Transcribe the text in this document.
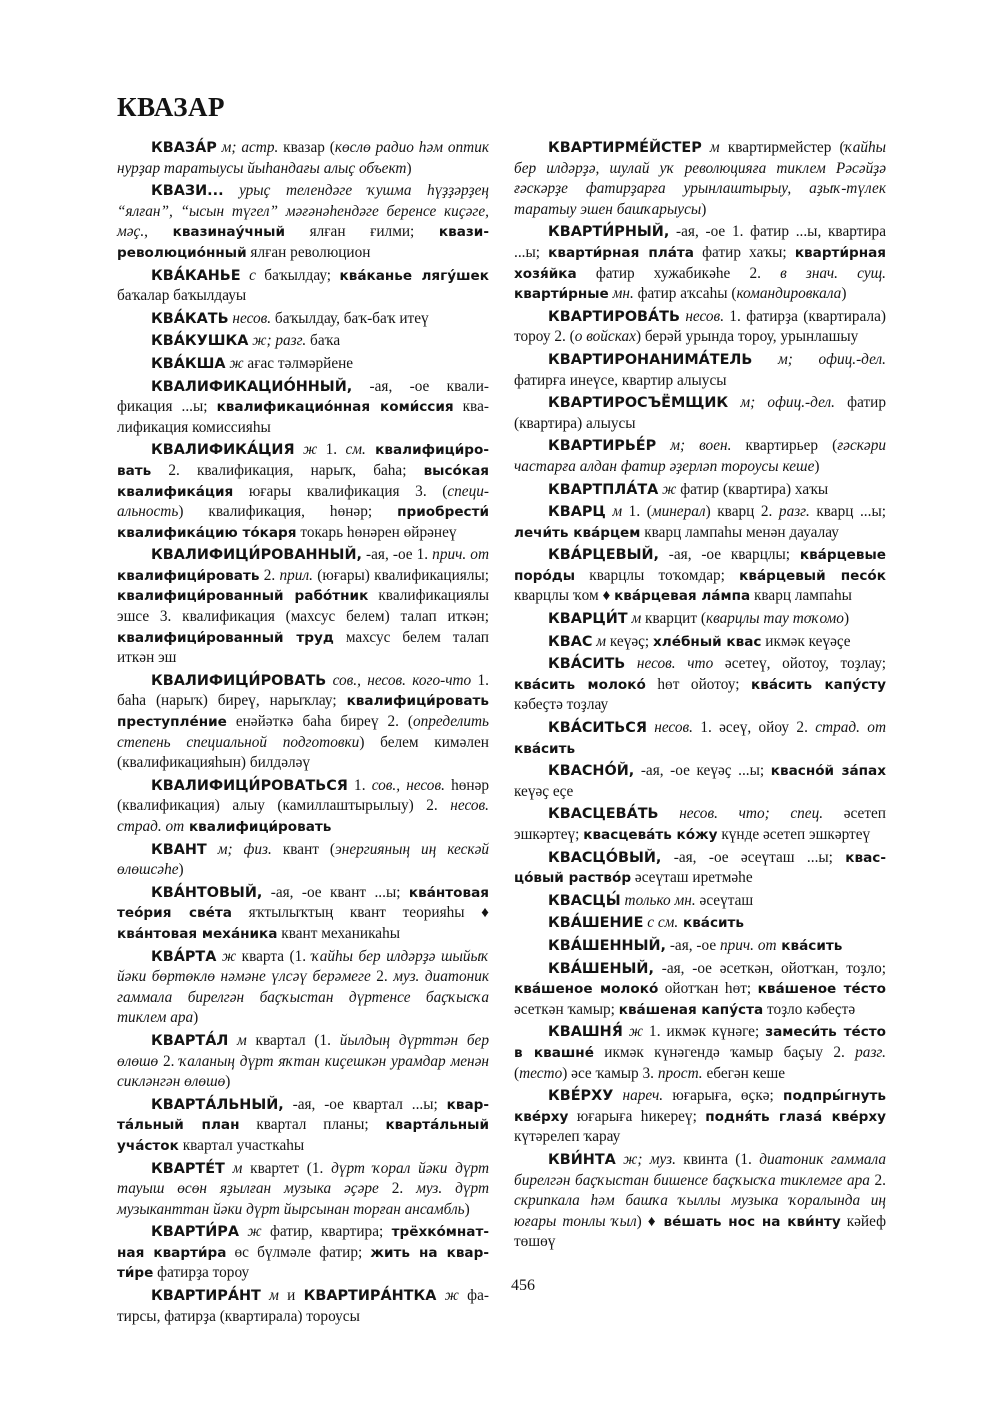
КВАЗАР

КВАЗА́Р м; астр. квазар (көслө радио һәм оптик нурҙар таратыусы йыһандағы алыҫ объект)

КВАЗИ... урыҫ телендәге ҡушма һүҙҙәрҙең “ялған”, “ысын түгел” мәғәнәһендәге беренсе киҫәге, мәҫ., квазинау́чный ялған ғилми; квазиреволюцио́нный ялған революцион

КВА́КАНЬЕ с баҡылдау; ква́канье лягу́шек баҡалар баҡылдауы

КВА́КАТЬ несов. баҡылдау, баҡ-баҡ итеү

КВА́КУШКА ж; разг. баҡа

КВА́КША ж ағас тәлмәрйене

КВАЛИФИКАЦИО́ННЫЙ, -ая, -ое квалификация ...ы; квалификацио́нная коми́ссия квалификация комиссияһы

КВАЛИФИКА́ЦИЯ ж 1. см. квалифици́ровать 2. квалификация, нарыҡ, баһа; высо́кая квалифика́ция юғары квалификация 3. (специальность) квалификация, һөнәр; приобрести́ квалифика́цию то́каря токарь һөнәрен өйрәнеү

КВАЛИФИЦИ́РОВАННЫЙ, -ая, -ое 1. прич. от квалифици́ровать 2. прил. (юғары) квалификациялы; квалифици́рованный рабо́тник квалификациялы эшсе 3. квалификация (махсус белем) талап иткән; квалифици́рованный труд махсус белем талап иткән эш

КВАЛИФИЦИ́РОВАТЬ сов., несов. кого-что 1. баһа (нарыҡ) биреү, нарыҡлау; квалифици́ровать преступле́ние енәйәткә баһа биреү 2. (определить степень специальной подготовки) белем кимәлен (квалификацияһын) билдәләү

КВАЛИФИЦИ́РОВАТЬСЯ 1. сов., несов. һөнәр (квалификация) алыу (камиллаштырылыу) 2. несов. страд. от квалифици́ровать

КВАНТ м; физ. квант (энергияның иң кескәй өлөшсәһе)

КВА́НТОВЫЙ, -ая, -ое квант ...ы; ква́нтовая тео́рия све́та яҡтылыҡтың квант теорияһы ♦ ква́нтовая меха́ника квант механикаһы

КВА́РТА ж кварта (1. ҡайһы бер илдәрҙә шыйыҡ йәки бөртөклө нәмәне үлсәү берәмеге 2. муз. диатоник гаммала бирелгән баҫҡыстан дүртенсе баҫҡысҡа тиклем ара)

КВАРТА́Л м квартал (1. йылдың дүрттән бер өлөшө 2. ҡаланың дүрт яҡтан киҫешкән урамдар менән сикләнгән өлөшө)

КВАРТА́ЛЬНЫЙ, -ая, -ое квартал ...ы; кварта́льный план квартал планы; кварта́льный уча́сток квартал участкаһы

КВАРТЕ́Т м квартет (1. дүрт ҡорал йәки дүрт тауыш өсөн яҙылған музыка әҫәре 2. муз. дүрт музыканттан йәки дүрт йырсынан торған ансамбль)

КВАРТИ́РА ж фатир, квартира; трёхко́мнатная кварти́ра өс бүлмәле фатир; жить на кварти́ре фатирҙа тороу

КВАРТИРА́НТ м и КВАРТИРА́НТКА ж фатирсы, фатирҙа (квартирала) тороусы

КВАРТИРМЕ́ЙСТЕР м квартирмейстер (ҡайһы бер илдәрҙә, шулай уҡ революцияға тиклем Рәсәйҙә ғәскәрҙе фатирҙарға урынлаштырыу, аҙыҡ-түлек таратыу эшен башҡарыусы)

КВАРТИ́РНЫЙ, -ая, -ое 1. фатир ...ы, квартира ...ы; кварти́рная пла́та фатир хаҡы; кварти́рная хозя́йка фатир хужабикәһе 2. в знач. сущ. кварти́рные мн. фатир аҡсаһы (командировкала)

КВАРТИРОВА́ТЬ несов. 1. фатирҙа (квартирала) тороу 2. (о войсках) берәй урында тороу, урынлашыу

КВАРТИРОНАНИМА́ТЕЛЬ м; офиц.-дел. фатирға инеүсе, квартир алыусы

КВАРТИРОСЪЁМЩИК м; офиц.-дел. фатир (квартира) алыусы

КВАРТИРЬЕ́Р м; воен. квартирьер (ғәскәри частарға алдан фатир әҙерләп тороусы кеше)

КВАРТПЛА́ТА ж фатир (квартира) хаҡы

КВАРЦ м 1. (минерал) кварц 2. разг. кварц ...ы; лечи́ть ква́рцем кварц лампаһы менән дауалау

КВА́РЦЕВЫЙ, -ая, -ое кварцлы; ква́рцевые поро́ды кварцлы тоҡомдар; ква́рцевый песо́к кварцлы ҡом ♦ ква́рцевая ла́мпа кварц лампаһы

КВАРЦИ́Т м кварцит (кварцлы тау тоҡомо)

КВАС м кеүәҫ; хле́бный квас икмәк кеүәҫе

КВА́СИТЬ несов. что әсетеү, ойотоу, тоҙлау; ква́сить молоко́ һөт ойотоу; ква́сить капу́сту кәбеҫтә тоҙлау

КВА́СИТЬСЯ несов. 1. әсеү, ойоу 2. страд. от ква́сить

КВАСНО́Й, -ая, -ое кеүәҫ ...ы; квасно́й за́пах кеүәҫ еҫе

КВАСЦЕВА́ТЬ несов. что; спец. әсетеп эшкәртеү; квасцева́ть ко́жу күнде әсетеп эшкәртеү

КВАСЦО́ВЫЙ, -ая, -ое әсеүташ ...ы; квасцо́вый раство́р әсеүташ иретмәһе

КВАСЦЫ́ только мн. әсеүташ

КВА́ШЕНИЕ с см. ква́сить

КВА́ШЕННЫЙ, -ая, -ое прич. от ква́сить

КВА́ШЕНЫЙ, -ая, -ое әсеткән, ойотҡан, тоҙло; ква́шеное молоко́ ойотҡан һөт; ква́шеное те́сто әсеткән ҡамыр; ква́шеная капу́ста тоҙло кәбеҫтә

КВАШНЯ́ ж 1. икмәк күнәге; замеси́ть те́сто в квашне́ икмәк күнәгендә ҡамыр баҫыу 2. разг. (тесто) әсе ҡамыр 3. прост. ебегән кеше

КВЕ́РХУ нареч. юғарыға, өҫкә; подпры́гнуть кве́рху юғарыға һикереү; подня́ть глаза́ кве́рху күтәрелеп ҡарау

КВИ́НТА ж; муз. квинта (1. диатоник гаммала бирелгән баҫҡыстан бишенсе баҫҡысҡа тиклемге ара 2. скрипкала һәм башҡа ҡыллы музыка ҡоралында иң юғары тонлы ҡыл) ♦ ве́шать нос на кви́нту кәйеф төшөү

456
